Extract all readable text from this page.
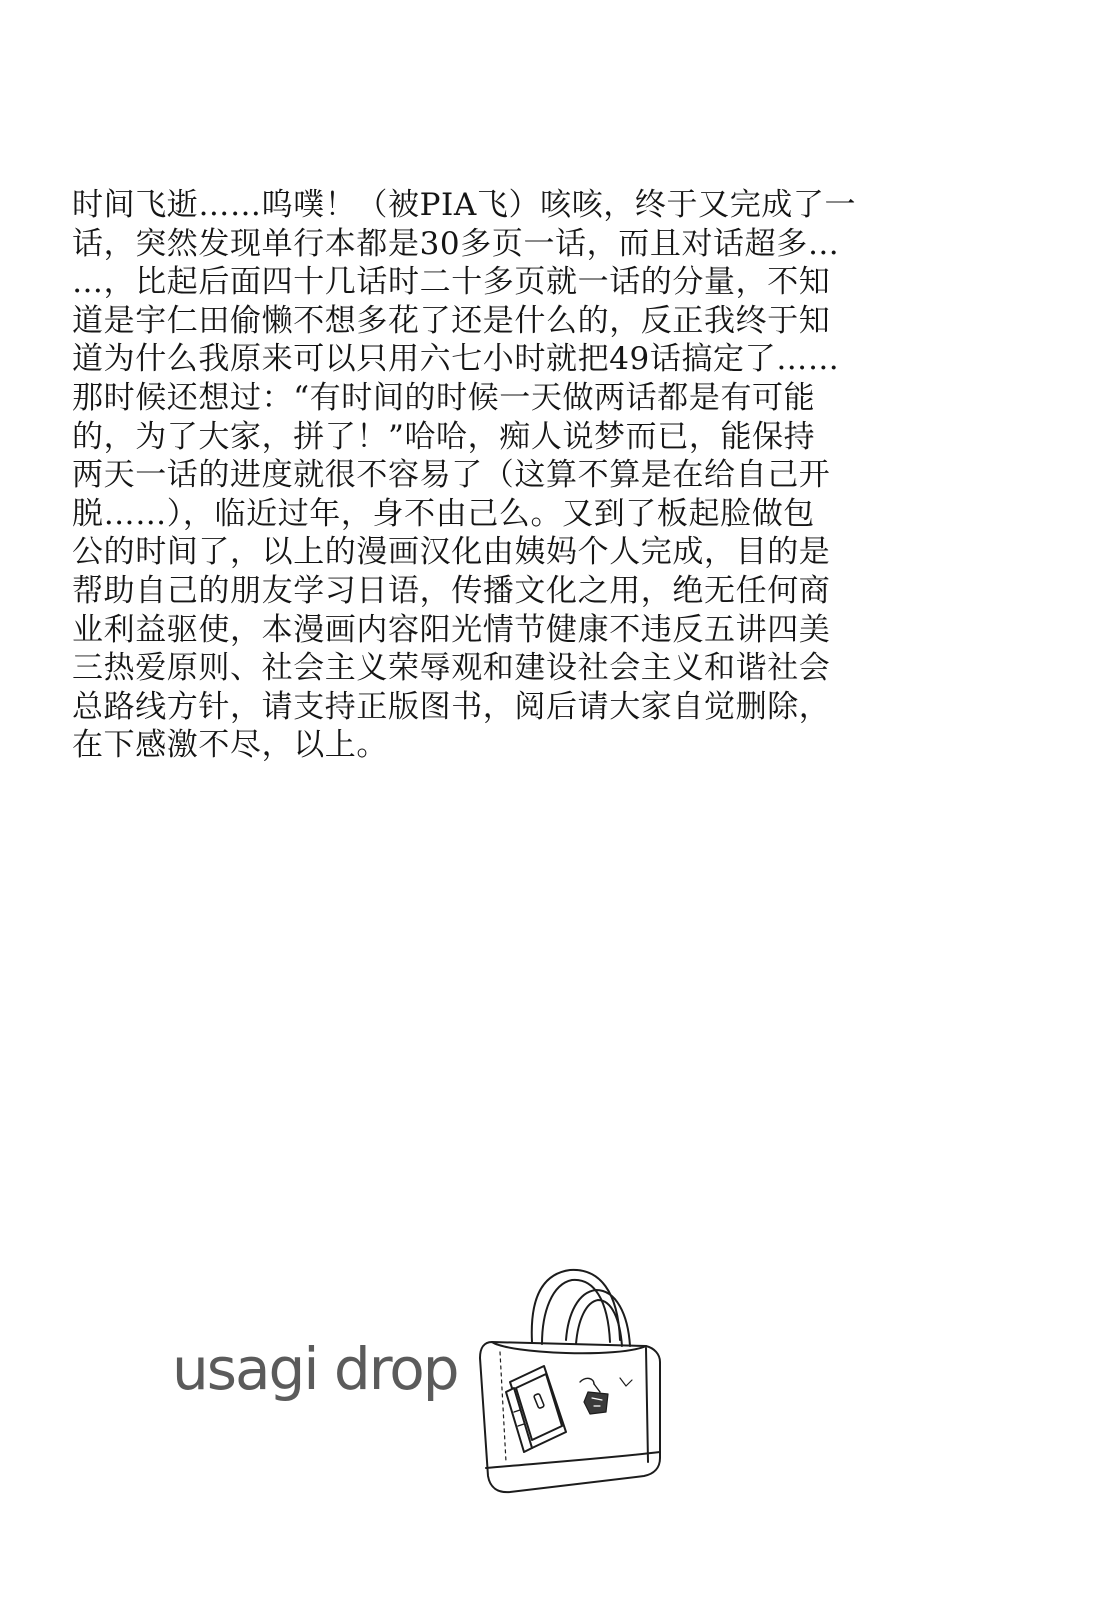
时间飞逝……呜噗！（被PIA飞）咳咳，终于又完成了一
话，突然发现单行本都是30多页一话，而且对话超多…
…，比起后面四十几话时二十多页就一话的分量，不知
道是宇仁田偷懒不想多花了还是什么的，反正我终于知
道为什么我原来可以只用六七小时就把49话搞定了……
那时候还想过：“有时间的时候一天做两话都是有可能
的，为了大家，拼了！”哈哈，痴人说梦而已，能保持
两天一话的进度就很不容易了（这算不算是在给自己开
脱……），临近过年，身不由己么。又到了板起脸做包
公的时间了，以上的漫画汉化由姨妈个人完成，目的是
帮助自己的朋友学习日语，传播文化之用，绝无任何商
业利益驱使，本漫画内容阳光情节健康不违反五讲四美
三热爱原则、社会主义荣辱观和建设社会主义和谐社会
总路线方针，请支持正版图书，阅后请大家自觉删除，
在下感激不尽，以上。
usagi drop
